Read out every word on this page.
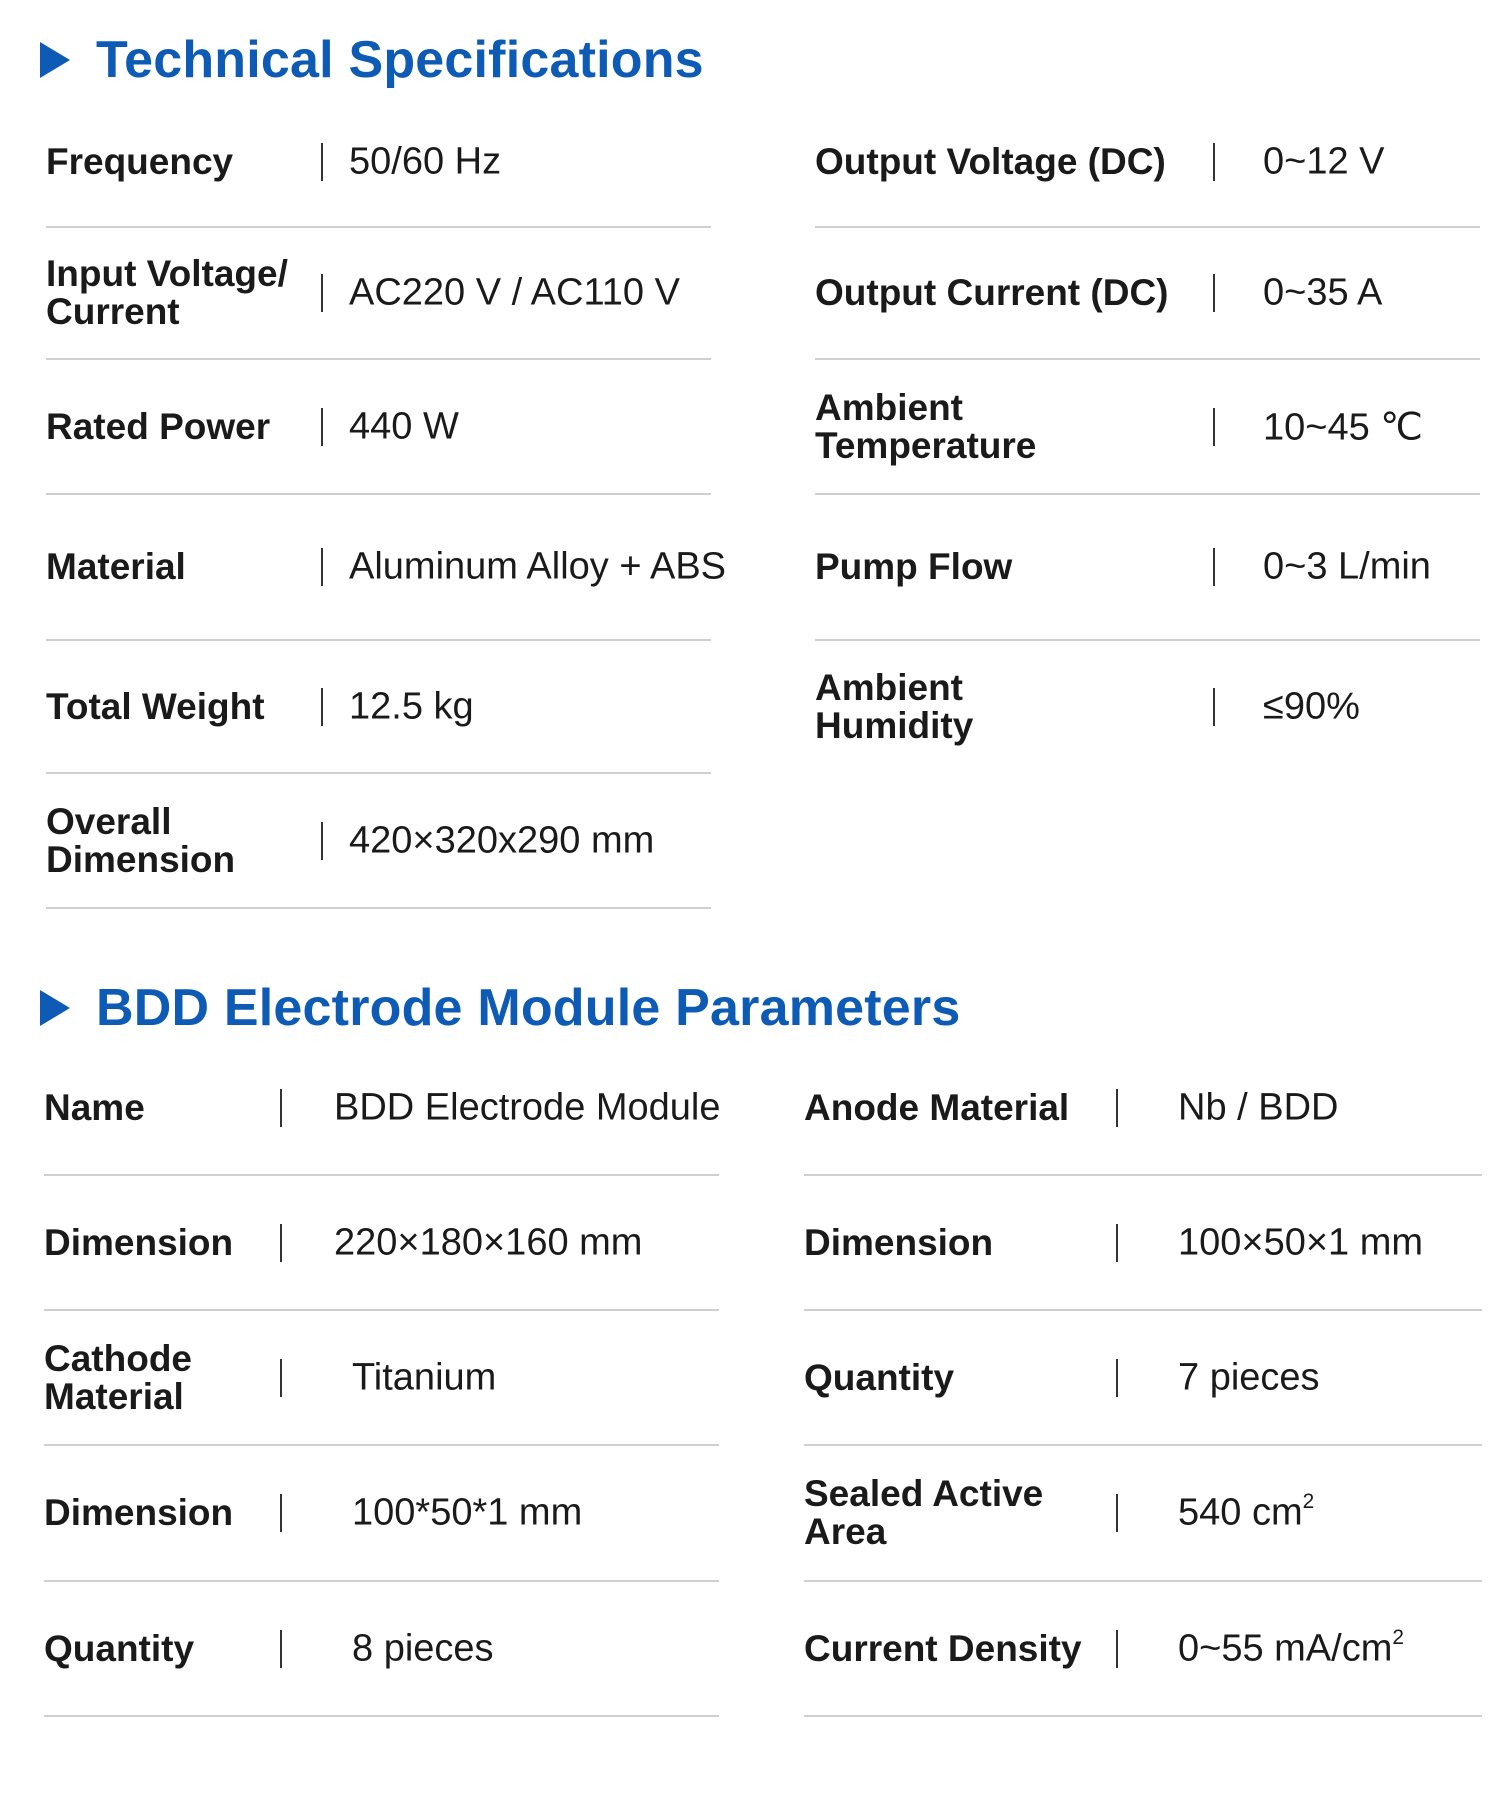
Technical Specifications
Frequency	50/60 Hz
Input Voltage/ Current	AC220 V / AC110 V
Rated Power 440 W
Material	Aluminum Alloy + ABS
Total Weight 12.5 kg
Overall Dimension	420×320x290 mm
Output Voltage (DC)	0~12 V
Output Current (DC) 0~35 A
Ambient Temperature	10~45 ℃
Pump Flow	0~3 L/min
Ambient Humidity	≤90%
BDD Electrode Module Parameters
Name	BDD Electrode Module
Dimension	220×180×160 mm
Cathode Material	Titanium
Dimension	100*50*1 mm
Quantity	8 pieces
Anode Material	Nb / BDD
Dimension	100×50×1 mm
Quantity	7 pieces
Sealed Active Area	540 $cm^2$
Current Density	0~55 $mA/cm^2$
